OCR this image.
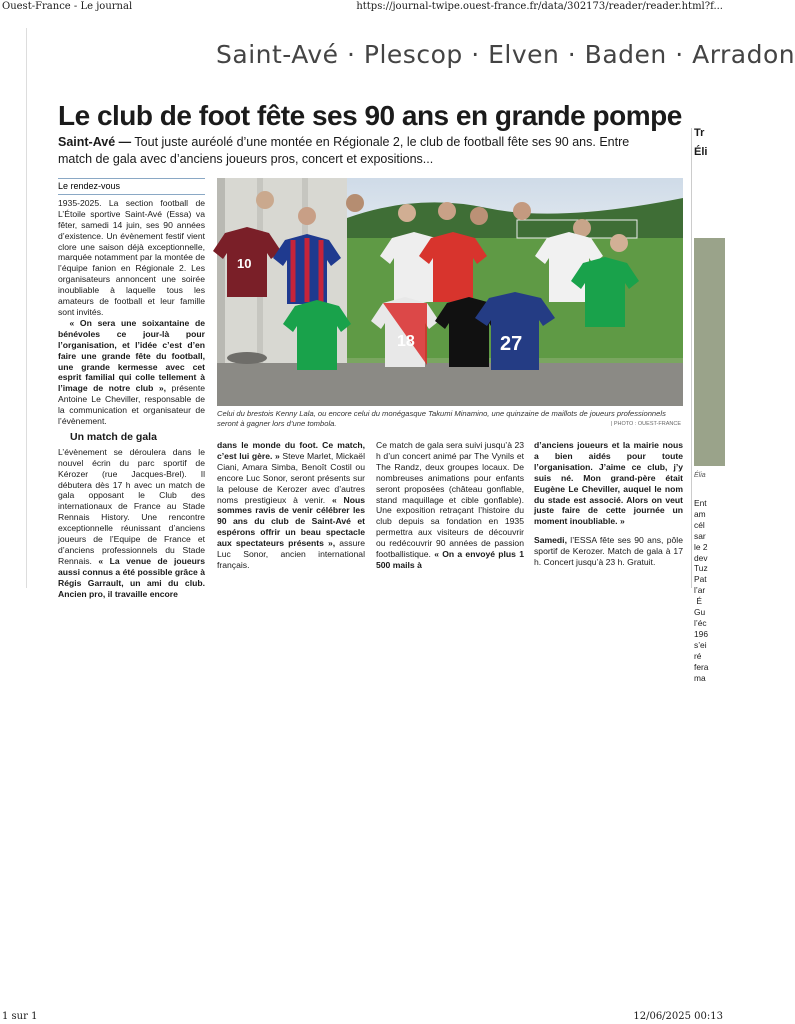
Ouest-France - Le journal	https://journal-twipe.ouest-france.fr/data/302173/reader/reader.html?f...
Saint-Avé · Plescop · Elven · Baden · Arradon
Le club de foot fête ses 90 ans en grande pompe
Saint-Avé — Tout juste auréolé d’une montée en Régionale 2, le club de football fête ses 90 ans. Entre match de gala avec d’anciens joueurs pros, concert et expositions...
Le rendez-vous

1935-2025. La section football de L’Étoile sportive Saint-Avé (Essa) va fêter, samedi 14 juin, ses 90 années d’existence. Un évènement festif vient clore une saison déjà exceptionnelle, marquée notamment par la montée de l’équipe fanion en Régionale 2. Les organisateurs annoncent une soirée inoubliable à laquelle tous les amateurs de football et leur famille sont invités.

« On sera une soixantaine de bénévoles ce jour-là pour l’organisation, et l’idée c’est d’en faire une grande fête du football, une grande kermesse avec cet esprit familial qui colle tellement à l’image de notre club », présente Antoine Le Cheviller, responsable de la communication et organisateur de l’évènement.

Un match de gala

L’évènement se déroulera dans le nouvel écrin du parc sportif de Kérozer (rue Jacques-Brel). Il débutera dès 17 h avec un match de gala opposant le Club des internationaux de France au Stade Rennais History. Une rencontre exceptionnelle réunissant d’anciens joueurs de l’Equipe de France et d’anciens professionnels du Stade Rennais. « La venue de joueurs aussi connus a été possible grâce à Régis Garrault, un ami du club. Ancien pro, il travaille encore

10
18	27
Celui du brestois Kenny Lala, ou encore celui du monégasque Takumi Minamino, une quinzaine de maillots de joueurs professionnels seront à gagner lors d’une tombola.	| PHOTO : OUEST-FRANCE

dans le monde du foot. Ce match, c’est lui gère. » Steve Marlet, Mickaël Ciani, Amara Simba, Benoît Costil ou encore Luc Sonor, seront présents sur la pelouse de Kerozer avec d’autres noms prestigieux à venir. « Nous sommes ravis de venir célébrer les 90 ans du club de Saint-Avé et espérons offrir un beau spectacle aux spectateurs présents », assure Luc Sonor, ancien international français.

Ce match de gala sera suivi jusqu’à 23 h d’un concert animé par The Vynils et The Randz, deux groupes locaux. De nombreuses animations pour enfants seront proposées (château gonflable, stand maquillage et cible gonflable). Une exposition retraçant l’histoire du club depuis sa fondation en 1935 permettra aux visiteurs de découvrir ou redécouvrir 90 années de passion footballistique. « On a envoyé plus 1 500 mails à

d’anciens joueurs et la mairie nous a bien aidés pour toute l’organisation. J’aime ce club, j’y suis né. Mon grand-père était Eugène Le Cheviller, auquel le nom du stade est associé. Alors on veut juste faire de cette journée un moment inoubliable. »

Samedi, l’ESSA fête ses 90 ans, pôle sportif de Kerozer. Match de gala à 17 h. Concert jusqu’à 23 h. Gratuit.

Tr
Éli
Élia
Ent
am
cél
sar
le 2
dev
Tuz
Pat
l’ar
É
Gu
l’éc
196
s’ei
ré
fera
ma
1 sur 1	12/06/2025 00:13
